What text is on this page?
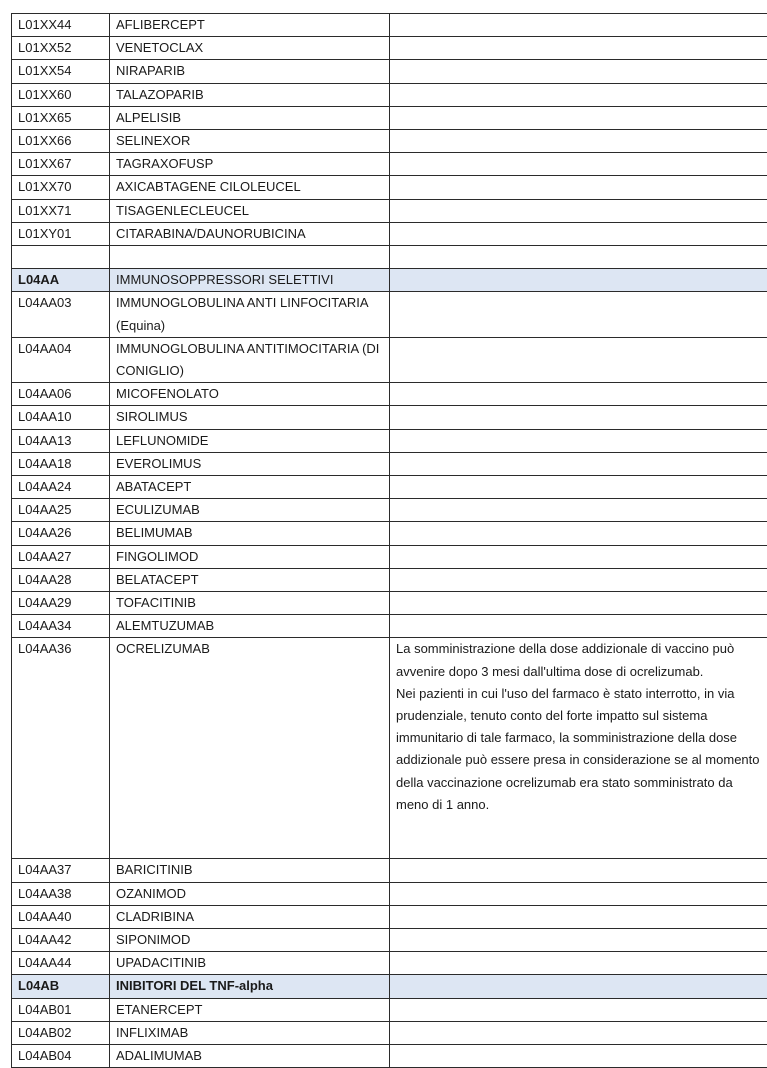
L01XX44	AFLIBERCEPT	
L01XX52	VENETOCLAX	
L01XX54	NIRAPARIB	
L01XX60	TALAZOPARIB	
L01XX65	ALPELISIB	
L01XX66	SELINEXOR	
L01XX67	TAGRAXOFUSP	
L01XX70	AXICABTAGENE CILOLEUCEL	
L01XX71	TISAGENLECLEUCEL	
L01XY01	CITARABINA/DAUNORUBICINA	

L04AA	IMMUNOSOPPRESSORI SELETTIVI	
L04AA03	IMMUNOGLOBULINA ANTI LINFOCITARIA (Equina)	
L04AA04	IMMUNOGLOBULINA ANTITIMOCITARIA (DI CONIGLIO)	
L04AA06	MICOFENOLATO	
L04AA10	SIROLIMUS	
L04AA13	LEFLUNOMIDE	
L04AA18	EVEROLIMUS	
L04AA24	ABATACEPT	
L04AA25	ECULIZUMAB	
L04AA26	BELIMUMAB	
L04AA27	FINGOLIMOD	
L04AA28	BELATACEPT	
L04AA29	TOFACITINIB	
L04AA34	ALEMTUZUMAB	
L04AA36	OCRELIZUMAB	La somministrazione della dose addizionale di vaccino può avvenire dopo 3 mesi dall'ultima dose di ocrelizumab.
Nei pazienti in cui l'uso del farmaco è stato interrotto, in via prudenziale, tenuto conto del forte impatto sul sistema immunitario di tale farmaco, la somministrazione della dose addizionale può essere presa in considerazione se al momento della vaccinazione ocrelizumab era stato somministrato da meno di 1 anno.
L04AA37	BARICITINIB	
L04AA38	OZANIMOD	
L04AA40	CLADRIBINA	
L04AA42	SIPONIMOD	
L04AA44	UPADACITINIB	
L04AB	INIBITORI DEL TNF-alpha	
L04AB01	ETANERCEPT	
L04AB02	INFLIXIMAB	
L04AB04	ADALIMUMAB	
